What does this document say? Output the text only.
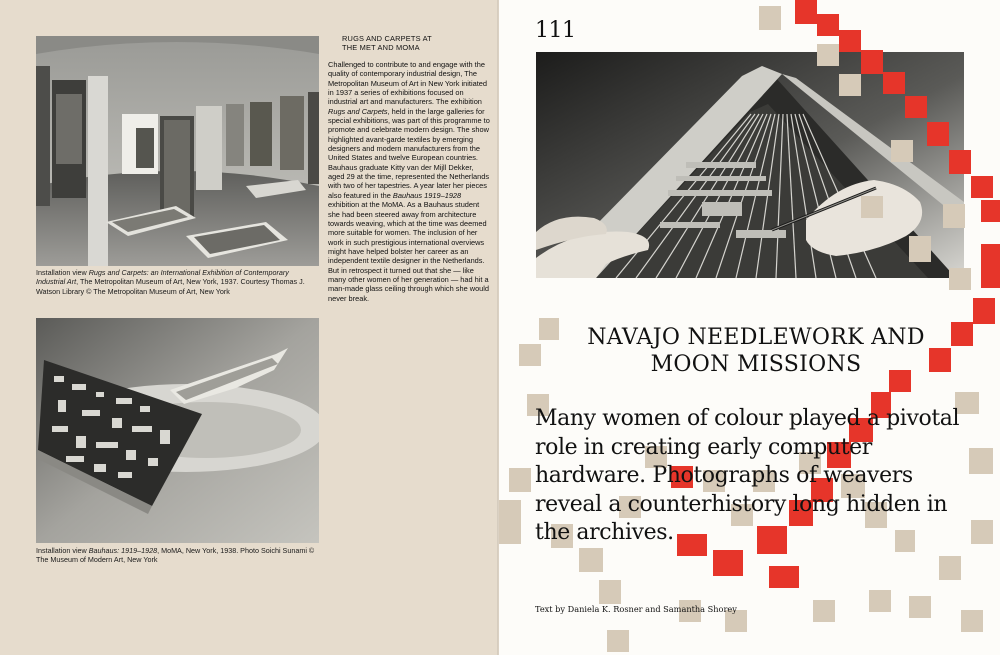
Installation view Rugs and Carpets: an International Exhibition of Contemporary Industrial Art, The Metropolitan Museum of Art, New York, 1937. Courtesy Thomas J. Watson Library © The Metropolitan Museum of Art, New York
Installation view Bauhaus: 1919–1928, MoMA, New York, 1938. Photo Soichi Sunami © The Museum of Modern Art, New York
RUGS AND CARPETS AT
THE MET AND MOMA
Challenged to contribute to and engage with the quality of contemporary industrial design, The Metropolitan Museum of Art in New York initiated in 1937 a series of exhibitions focused on industrial art and manufacturers. The exhibition Rugs and Carpets, held in the large galleries for special exhibitions, was part of this programme to promote and celebrate modern design. The show highlighted avant-garde textiles by emerging designers and modern manufacturers from the United States and twelve European countries. Bauhaus graduate Kitty van der Mijll Dekker, aged 29 at the time, represented the Netherlands with two of her tapestries. A year later her pieces also featured in the Bauhaus 1919–1928 exhibition at the MoMA. As a Bauhaus student she had been steered away from architecture towards weaving, which at the time was deemed more suitable for women. The inclusion of her work in such prestigious international overviews might have helped bolster her career as an independent textile designer in the Netherlands. But in retrospect it turned out that she — like many other women of her generation — had hit a man-made glass ceiling through which she would never break.
111
NAVAJO NEEDLEWORK AND
MOON MISSIONS
Many women of colour played a pivotal role in creating early computer hardware. Photographs of weavers reveal a counterhistory long hidden in the archives.
Text by Daniela K. Rosner and Samantha Shorey
